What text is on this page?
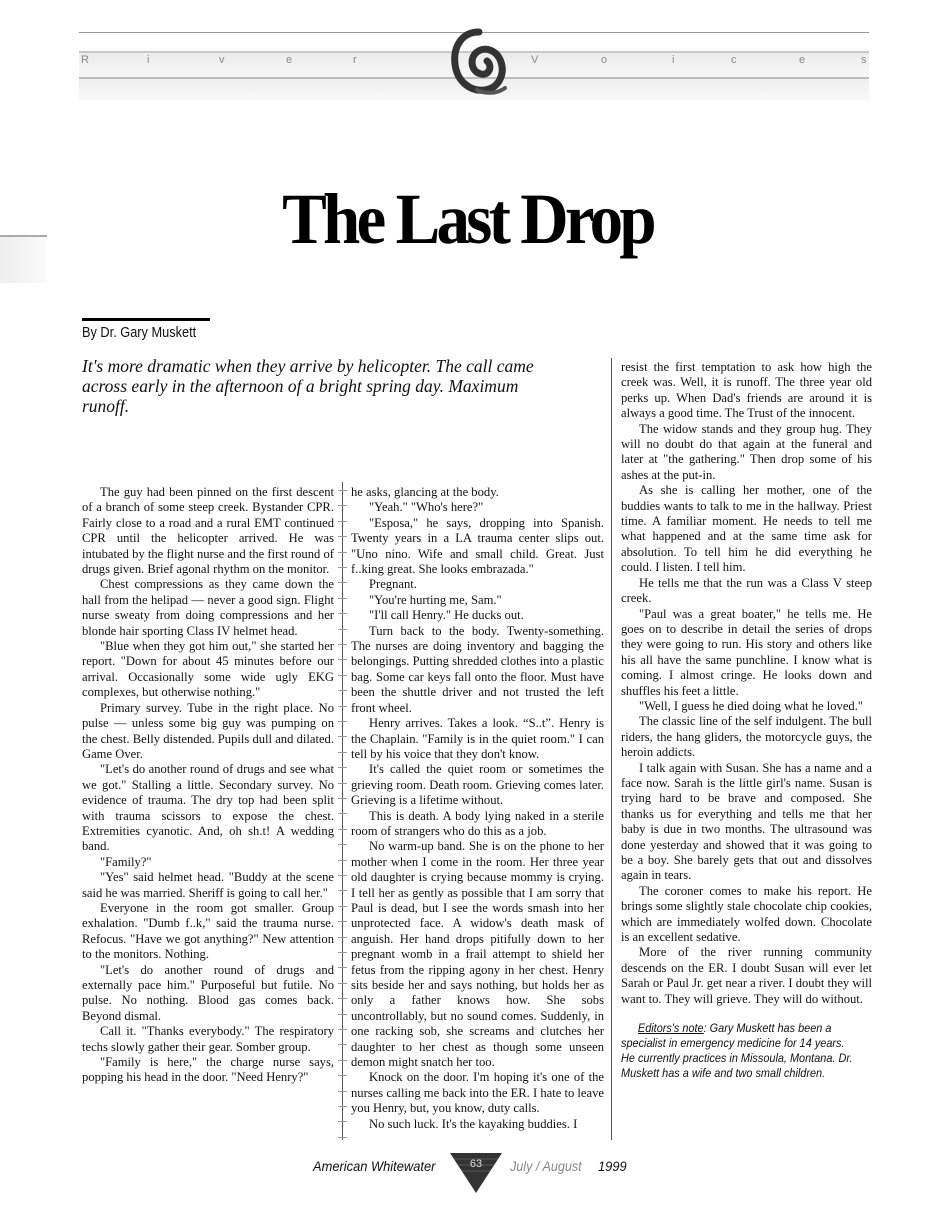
R	i	v	e	r	V	o	i	c	e	s
The Last Drop
By Dr. Gary Muskett
It's more dramatic when they arrive by helicopter. The call came across early in the afternoon of a bright spring day. Maximum runoff.

The guy had been pinned on the first descent of a branch of some steep creek. Bystander CPR. Fairly close to a road and a rural EMT continued CPR until the helicopter arrived. He was intubated by the flight nurse and the first round of drugs given. Brief agonal rhythm on the monitor.

Chest compressions as they came down the hall from the helipad — never a good sign. Flight nurse sweaty from doing compressions and her blonde hair sporting Class IV helmet head.

"Blue when they got him out," she started her report. "Down for about 45 minutes before our arrival. Occasionally some wide ugly EKG complexes, but otherwise nothing."

Primary survey. Tube in the right place. No pulse — unless some big guy was pumping on the chest. Belly distended. Pupils dull and dilated. Game Over.

"Let's do another round of drugs and see what we got." Stalling a little. Secondary survey. No evidence of trauma. The dry top had been split with trauma scissors to expose the chest. Extremities cyanotic. And, oh sh.t! A wedding band.

"Family?"

"Yes" said helmet head. "Buddy at the scene said he was married. Sheriff is going to call her."

Everyone in the room got smaller. Group exhalation. "Dumb f..k," said the trauma nurse. Refocus. "Have we got anything?" New attention to the monitors. Nothing.

"Let's do another round of drugs and externally pace him." Purposeful but futile. No pulse. No nothing. Blood gas comes back. Beyond dismal.

Call it. "Thanks everybody." The respiratory techs slowly gather their gear. Somber group.

"Family is here," the charge nurse says, popping his head in the door. "Need Henry?"

he asks, glancing at the body.

"Yeah." "Who's here?"

"Esposa," he says, dropping into Spanish. Twenty years in a LA trauma center slips out. "Uno nino. Wife and small child. Great. Just f..king great. She looks embrazada."

Pregnant.

"You're hurting me, Sam."

"I'll call Henry." He ducks out.

Turn back to the body. Twenty-something. The nurses are doing inventory and bagging the belongings. Putting shredded clothes into a plastic bag. Some car keys fall onto the floor. Must have been the shuttle driver and not trusted the left front wheel.

Henry arrives. Takes a look. “S..t”. Henry is the Chaplain. "Family is in the quiet room." I can tell by his voice that they don't know.

It's called the quiet room or sometimes the grieving room. Death room. Grieving comes later. Grieving is a lifetime without.

This is death. A body lying naked in a sterile room of strangers who do this as a job.

No warm-up band. She is on the phone to her mother when I come in the room. Her three year old daughter is crying because mommy is crying. I tell her as gently as possible that I am sorry that Paul is dead, but I see the words smash into her unprotected face. A widow's death mask of anguish. Her hand drops pitifully down to her pregnant womb in a frail attempt to shield her fetus from the ripping agony in her chest. Henry sits beside her and says nothing, but holds her as only a father knows how. She sobs uncontrollably, but no sound comes. Suddenly, in one racking sob, she screams and clutches her daughter to her chest as though some unseen demon might snatch her too.

Knock on the door. I'm hoping it's one of the nurses calling me back into the ER. I hate to leave you Henry, but, you know, duty calls.

No such luck. It's the kayaking buddies. I

resist the first temptation to ask how high the creek was. Well, it is runoff. The three year old perks up. When Dad's friends are around it is always a good time. The Trust of the innocent.

The widow stands and they group hug. They will no doubt do that again at the funeral and later at "the gathering." Then drop some of his ashes at the put-in.

As she is calling her mother, one of the buddies wants to talk to me in the hallway. Priest time. A familiar moment. He needs to tell me what happened and at the same time ask for absolution. To tell him he did everything he could. I listen. I tell him.

He tells me that the run was a Class V steep creek.

"Paul was a great boater," he tells me. He goes on to describe in detail the series of drops they were going to run. His story and others like his all have the same punchline. I know what is coming. I almost cringe. He looks down and shuffles his feet a little.

"Well, I guess he died doing what he loved."

The classic line of the self indulgent. The bull riders, the hang gliders, the motorcycle guys, the heroin addicts.

I talk again with Susan. She has a name and a face now. Sarah is the little girl's name. Susan is trying hard to be brave and composed. She thanks us for everything and tells me that her baby is due in two months. The ultrasound was done yesterday and showed that it was going to be a boy. She barely gets that out and dissolves again in tears.

The coroner comes to make his report. He brings some slightly stale chocolate chip cookies, which are immediately wolfed down. Chocolate is an excellent sedative.

More of the river running community descends on the ER. I doubt Susan will ever let Sarah or Paul Jr. get near a river. I doubt they will want to. They will grieve. They will do without.

Editors's note: Gary Muskett has been a specialist in emergency medicine for 14 years. He currently practices in Missoula, Montana. Dr. Muskett has a wife and two small children.
American Whitewater	63 July / August 1999
